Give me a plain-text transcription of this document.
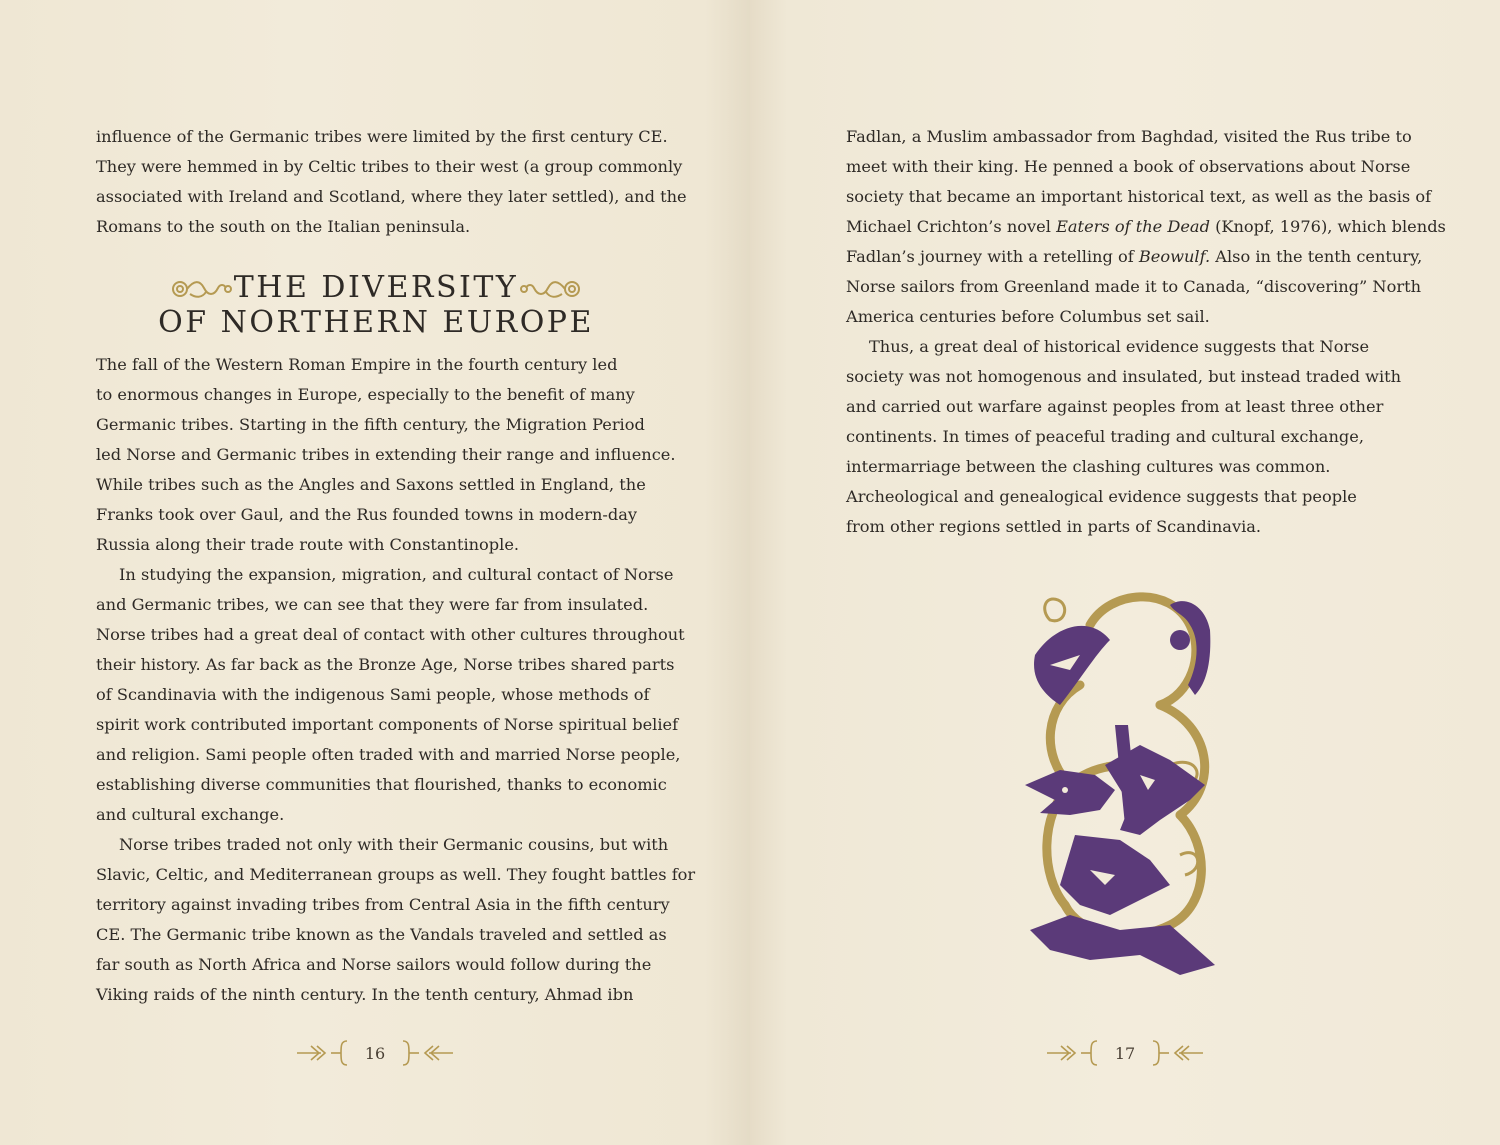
influence of the Germanic tribes were limited by the first century CE.
They were hemmed in by Celtic tribes to their west (a group commonly
associated with Ireland and Scotland, where they later settled), and the
Romans to the south on the Italian peninsula.
THE DIVERSITY
OF NORTHERN EUROPE
The fall of the Western Roman Empire in the fourth century led
to enormous changes in Europe, especially to the benefit of many
Germanic tribes. Starting in the fifth century, the Migration Period
led Norse and Germanic tribes in extending their range and influence.
While tribes such as the Angles and Saxons settled in England, the
Franks took over Gaul, and the Rus founded towns in modern-day
Russia along their trade route with Constantinople.
In studying the expansion, migration, and cultural contact of Norse
and Germanic tribes, we can see that they were far from insulated.
Norse tribes had a great deal of contact with other cultures throughout
their history. As far back as the Bronze Age, Norse tribes shared parts
of Scandinavia with the indigenous Sami people, whose methods of
spirit work contributed important components of Norse spiritual belief
and religion. Sami people often traded with and married Norse people,
establishing diverse communities that flourished, thanks to economic
and cultural exchange.
Norse tribes traded not only with their Germanic cousins, but with
Slavic, Celtic, and Mediterranean groups as well. They fought battles for
territory against invading tribes from Central Asia in the fifth century
CE. The Germanic tribe known as the Vandals traveled and settled as
far south as North Africa and Norse sailors would follow during the
Viking raids of the ninth century. In the tenth century, Ahmad ibn
16
Fadlan, a Muslim ambassador from Baghdad, visited the Rus tribe to
meet with their king. He penned a book of observations about Norse
society that became an important historical text, as well as the basis of
Michael Crichton’s novel Eaters of the Dead (Knopf, 1976), which blends
Fadlan’s journey with a retelling of Beowulf. Also in the tenth century,
Norse sailors from Greenland made it to Canada, “discovering” North
America centuries before Columbus set sail.
Thus, a great deal of historical evidence suggests that Norse
society was not homogenous and insulated, but instead traded with
and carried out warfare against peoples from at least three other
continents. In times of peaceful trading and cultural exchange,
intermarriage between the clashing cultures was common.
Archeological and genealogical evidence suggests that people
from other regions settled in parts of Scandinavia.
17
